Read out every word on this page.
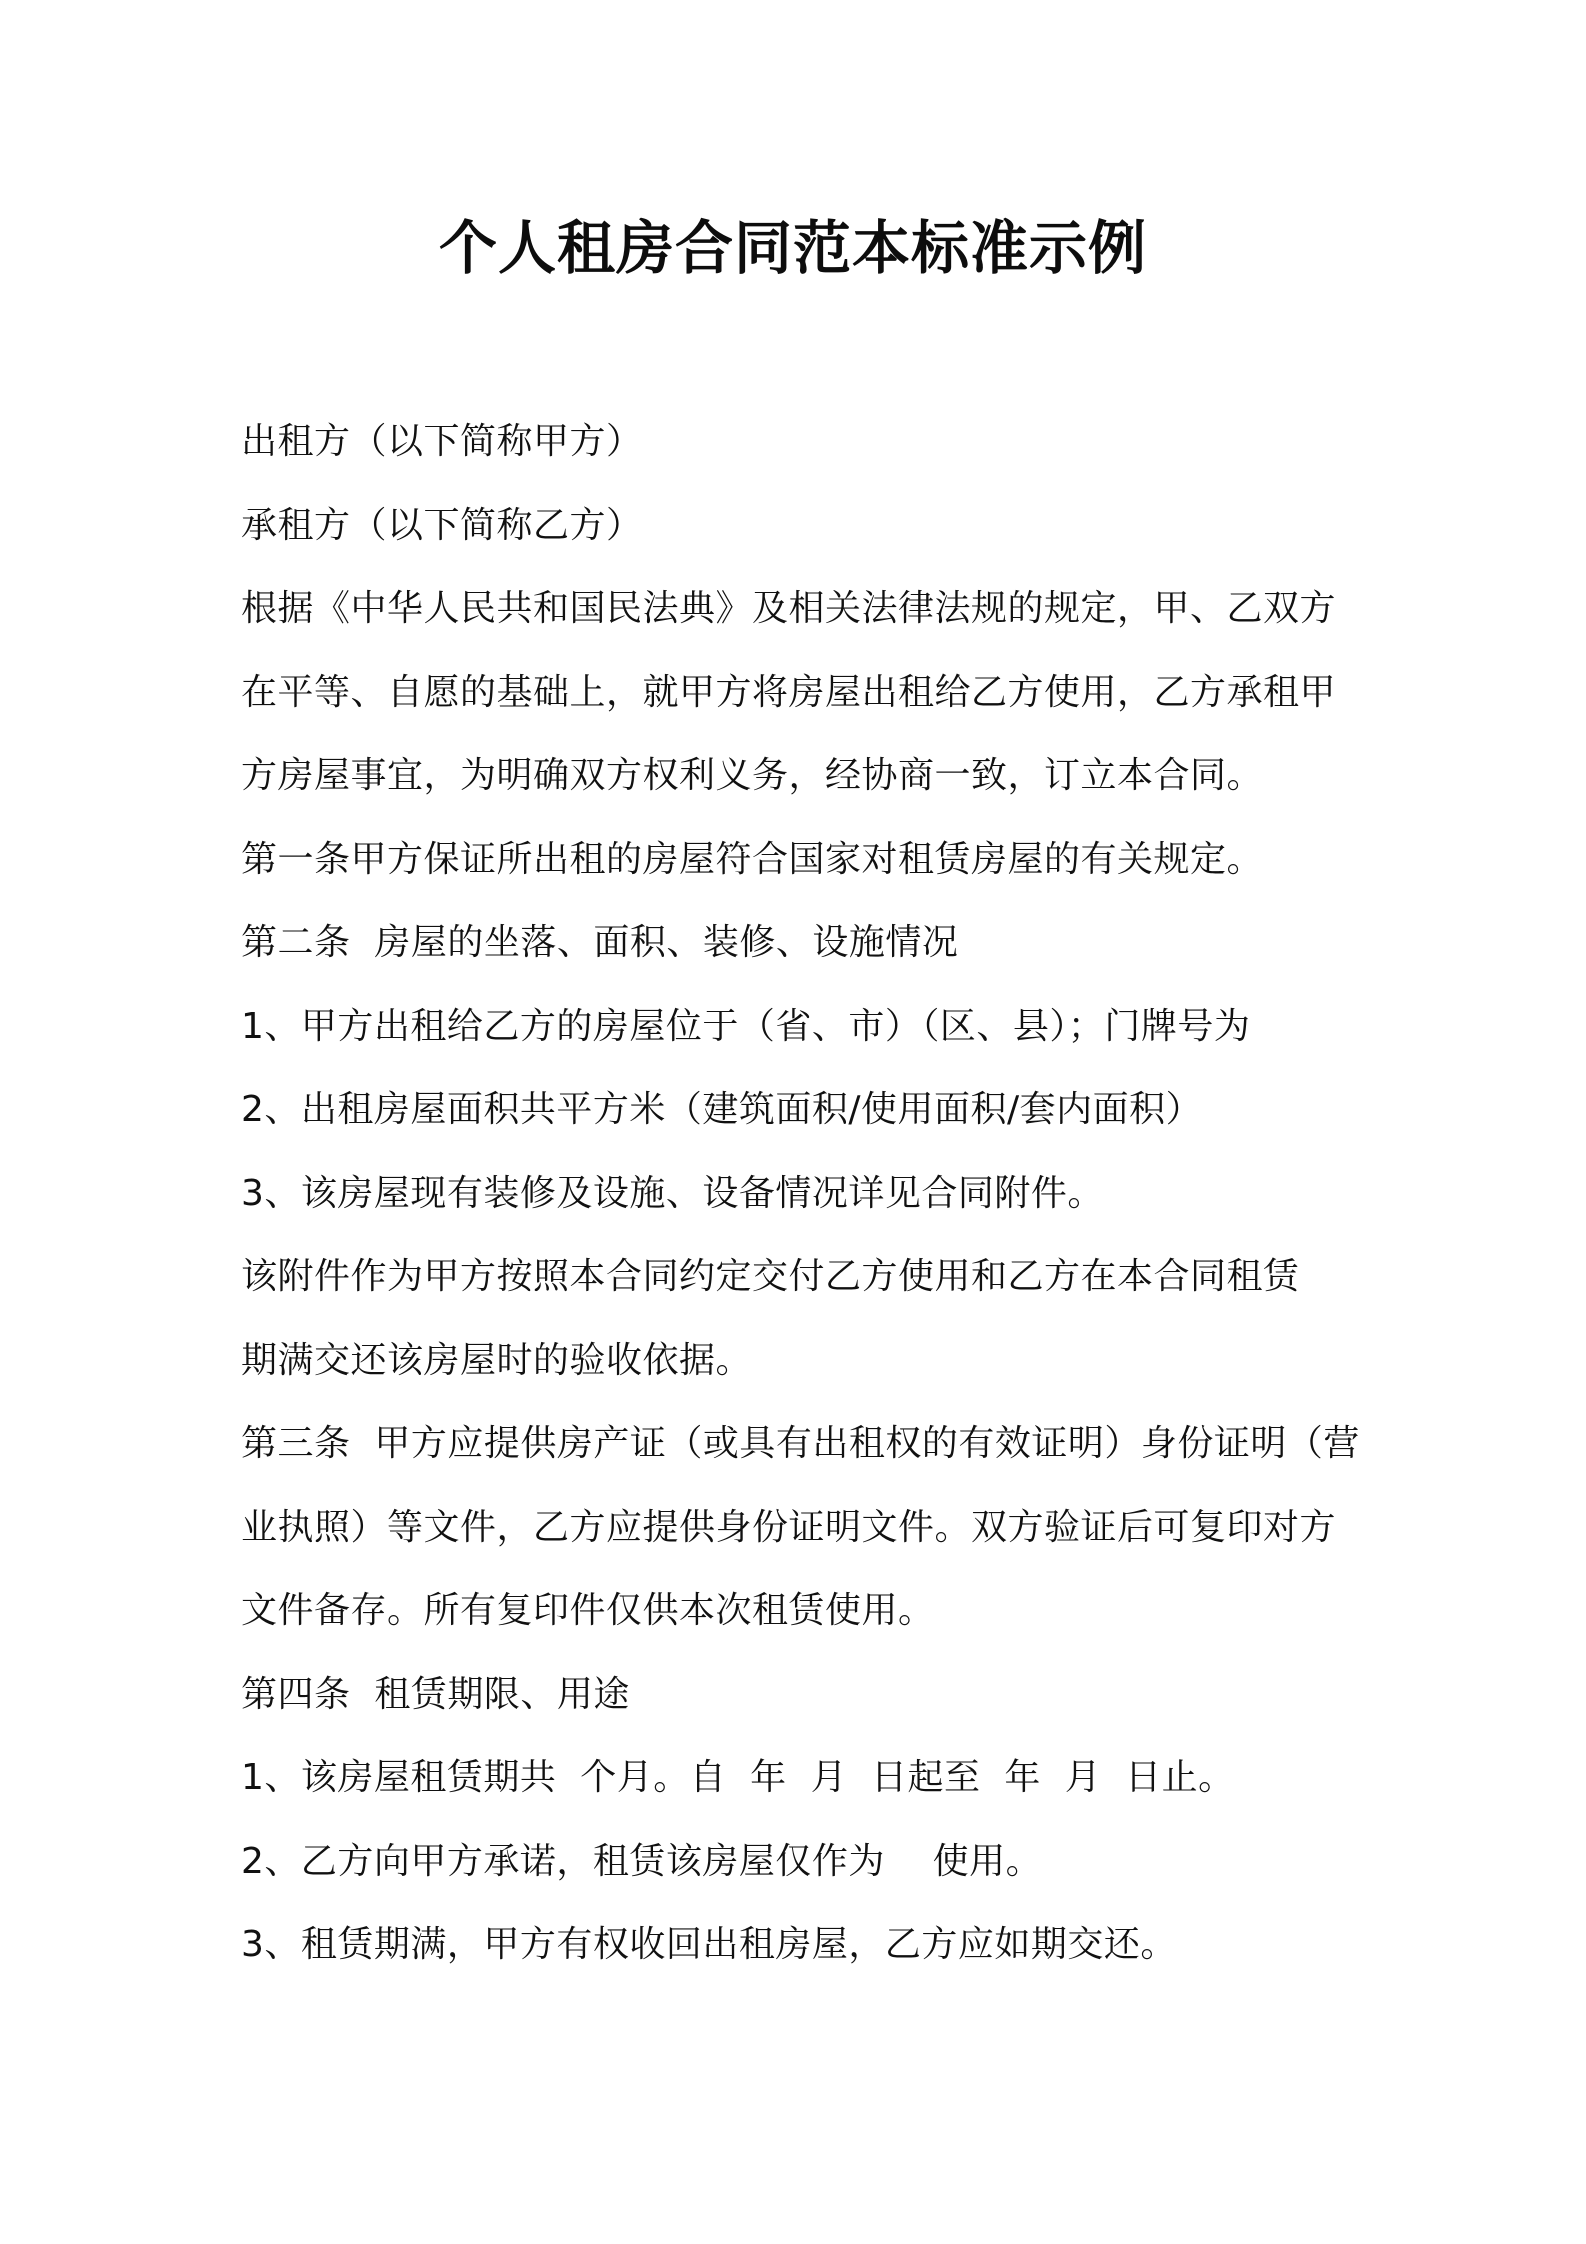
个人租房合同范本标准示例

出租方（以下简称甲方）

承租方（以下简称乙方）

根据《中华人民共和国民法典》及相关法律法规的规定，甲、乙双方

在平等、自愿的基础上，就甲方将房屋出租给乙方使用，乙方承租甲

方房屋事宜，为明确双方权利义务，经协商一致，订立本合同。

第一条甲方保证所出租的房屋符合国家对租赁房屋的有关规定。

第二条  房屋的坐落、面积、装修、设施情况

1、甲方出租给乙方的房屋位于（省、市）（区、县）；门牌号为

2、出租房屋面积共平方米（建筑面积/使用面积/套内面积）

3、该房屋现有装修及设施、设备情况详见合同附件。

该附件作为甲方按照本合同约定交付乙方使用和乙方在本合同租赁

期满交还该房屋时的验收依据。

第三条  甲方应提供房产证（或具有出租权的有效证明）身份证明（营

业执照）等文件，乙方应提供身份证明文件。双方验证后可复印对方

文件备存。所有复印件仅供本次租赁使用。

第四条  租赁期限、用途

1、该房屋租赁期共  个月。自  年  月  日起至  年  月  日止。

2、乙方向甲方承诺，租赁该房屋仅作为    使用。

3、租赁期满，甲方有权收回出租房屋，乙方应如期交还。
